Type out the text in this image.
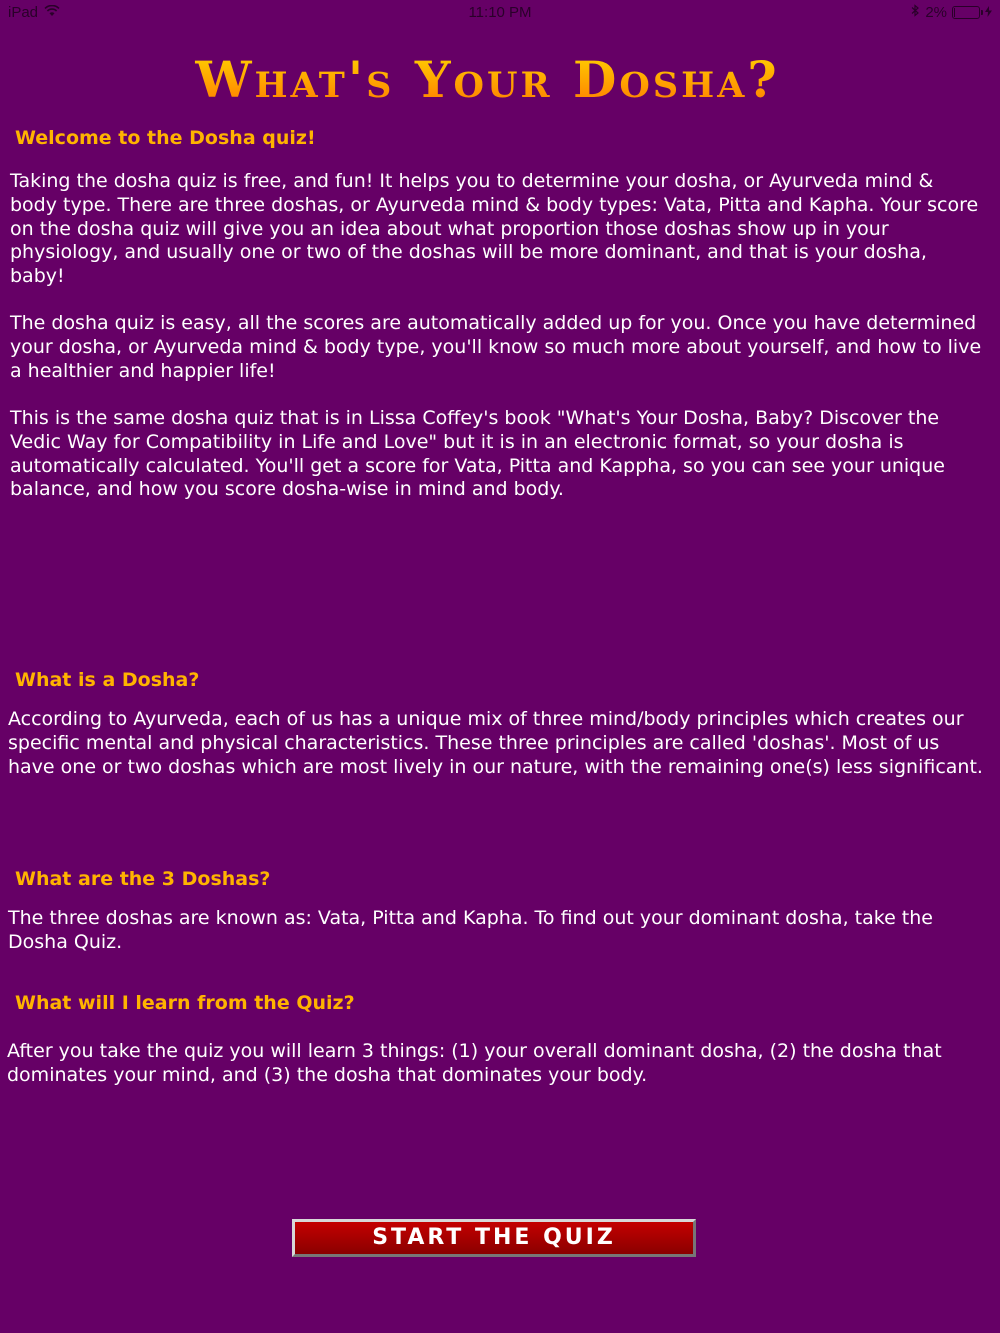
iPad	11:10 PM	2%
What's Your Dosha?
Welcome to the Dosha quiz!

Taking the dosha quiz is free, and fun! It helps you to determine your dosha, or Ayurveda mind & body type. There are three doshas, or Ayurveda mind & body types: Vata, Pitta and Kapha. Your score on the dosha quiz will give you an idea about what proportion those doshas show up in your physiology, and usually one or two of the doshas will be more dominant, and that is your dosha, baby!

The dosha quiz is easy, all the scores are automatically added up for you. Once you have determined your dosha, or Ayurveda mind & body type, you'll know so much more about yourself, and how to live a healthier and happier life!

This is the same dosha quiz that is in Lissa Coffey's book "What's Your Dosha, Baby? Discover the Vedic Way for Compatibility in Life and Love" but it is in an electronic format, so your dosha is automatically calculated. You'll get a score for Vata, Pitta and Kappha, so you can see your unique balance, and how you score dosha-wise in mind and body.

What is a Dosha?

According to Ayurveda, each of us has a unique mix of three mind/body principles which creates our specific mental and physical characteristics. These three principles are called 'doshas'. Most of us have one or two doshas which are most lively in our nature, with the remaining one(s) less significant.

What are the 3 Doshas?

The three doshas are known as: Vata, Pitta and Kapha. To find out your dominant dosha, take the Dosha Quiz.

What will I learn from the Quiz?

After you take the quiz you will learn 3 things: (1) your overall dominant dosha, (2) the dosha that dominates your mind, and (3) the dosha that dominates your body.

START THE QUIZ
